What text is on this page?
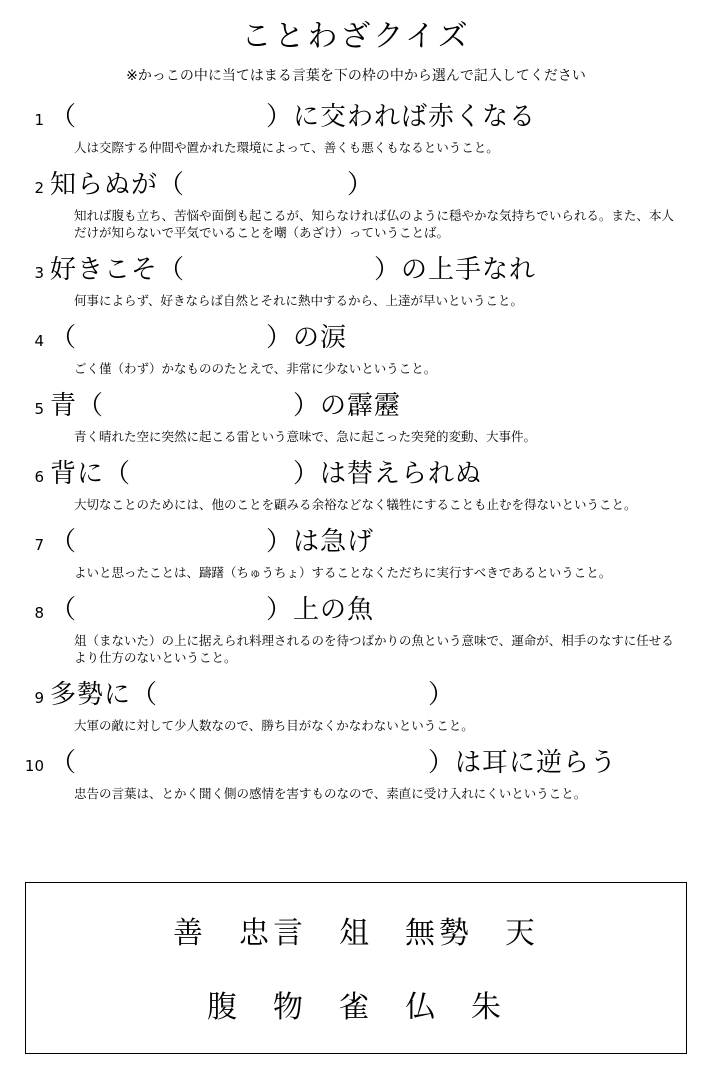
ことわざクイズ

※かっこの中に当てはまる言葉を下の枠の中から選んで記入してください

1 （　　　　　　　）に交われば赤くなる
人は交際する仲間や置かれた環境によって、善くも悪くもなるということ。
2 知らぬが（　　　　　　）
知れば腹も立ち、苦悩や面倒も起こるが、知らなければ仏のように穏やかな気持ちでいられる。また、本人だけが知らないで平気でいることを嘲（あざけ）っていうことば。
3 好きこそ（　　　　　　　）の上手なれ
何事によらず、好きならば自然とそれに熱中するから、上達が早いということ。
4 （　　　　　　　）の涙
ごく僅（わず）かなもののたとえで、非常に少ないということ。
5 青（　　　　　　　）の霹靂
青く晴れた空に突然に起こる雷という意味で、急に起こった突発的変動、大事件。
6 背に（　　　　　　）は替えられぬ
大切なことのためには、他のことを顧みる余裕などなく犠牲にすることも止むを得ないということ。
7 （　　　　　　　）は急げ
よいと思ったことは、躊躇（ちゅうちょ）することなくただちに実行すべきであるということ。
8 （　　　　　　　）上の魚
俎（まないた）の上に据えられ料理されるのを待つばかりの魚という意味で、運命が、相手のなすに任せるより仕方のないということ。
9 多勢に（　　　　　　　　　　）
大軍の敵に対して少人数なので、勝ち目がなくかなわないということ。
10 （　　　　　　　　　　　　　）は耳に逆らう
忠告の言葉は、とかく聞く側の感情を害すものなので、素直に受け入れにくいということ。
善 忠言 俎 無勢 天
腹 物 雀 仏 朱
